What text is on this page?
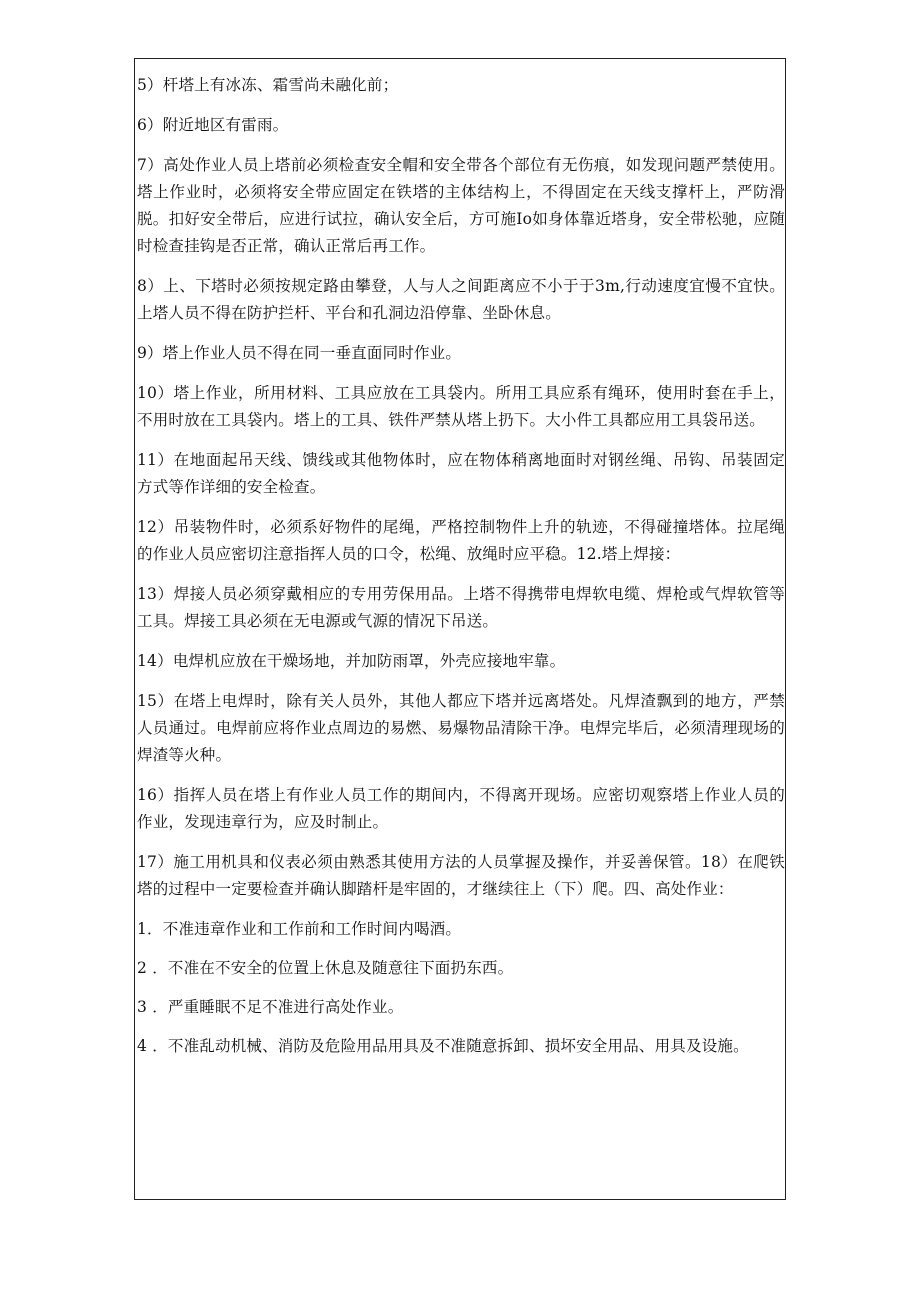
5）杆塔上有冰冻、霜雪尚未融化前；

6）附近地区有雷雨。

7）高处作业人员上塔前必须检查安全帽和安全带各个部位有无伤痕，如发现问题严禁使用。塔上作业时，必须将安全带应固定在铁塔的主体结构上，不得固定在天线支撑杆上，严防滑脱。扣好安全带后，应进行试拉，确认安全后，方可施Io如身体靠近塔身，安全带松驰，应随时检查挂钩是否正常，确认正常后再工作。

8）上、下塔时必须按规定路由攀登，人与人之间距离应不小于于3m,行动速度宜慢不宜快。上塔人员不得在防护拦杆、平台和孔洞边沿停靠、坐卧休息。

9）塔上作业人员不得在同一垂直面同时作业。

10）塔上作业，所用材料、工具应放在工具袋内。所用工具应系有绳环，使用时套在手上，不用时放在工具袋内。塔上的工具、铁件严禁从塔上扔下。大小件工具都应用工具袋吊送。

11）在地面起吊天线、馈线或其他物体时，应在物体稍离地面时对钢丝绳、吊钩、吊装固定方式等作详细的安全检查。

12）吊装物件时，必须系好物件的尾绳，严格控制物件上升的轨迹，不得碰撞塔体。拉尾绳的作业人员应密切注意指挥人员的口令，松绳、放绳时应平稳。12.塔上焊接：

13）焊接人员必须穿戴相应的专用劳保用品。上塔不得携带电焊软电缆、焊枪或气焊软管等工具。焊接工具必须在无电源或气源的情况下吊送。

14）电焊机应放在干燥场地，并加防雨罩，外壳应接地牢靠。

15）在塔上电焊时，除有关人员外，其他人都应下塔并远离塔处。凡焊渣飘到的地方，严禁人员通过。电焊前应将作业点周边的易燃、易爆物品清除干净。电焊完毕后，必须清理现场的焊渣等火种。

16）指挥人员在塔上有作业人员工作的期间内，不得离开现场。应密切观察塔上作业人员的作业，发现违章行为，应及时制止。

17）施工用机具和仪表必须由熟悉其使用方法的人员掌握及操作，并妥善保管。18）在爬铁塔的过程中一定要检查并确认脚踏杆是牢固的，才继续往上（下）爬。四、高处作业：

1．不准违章作业和工作前和工作时间内喝酒。

2 ．不准在不安全的位置上休息及随意往下面扔东西。

3 ．严重睡眠不足不准进行高处作业。

4 ．不准乱动机械、消防及危险用品用具及不准随意拆卸、损坏安全用品、用具及设施。
